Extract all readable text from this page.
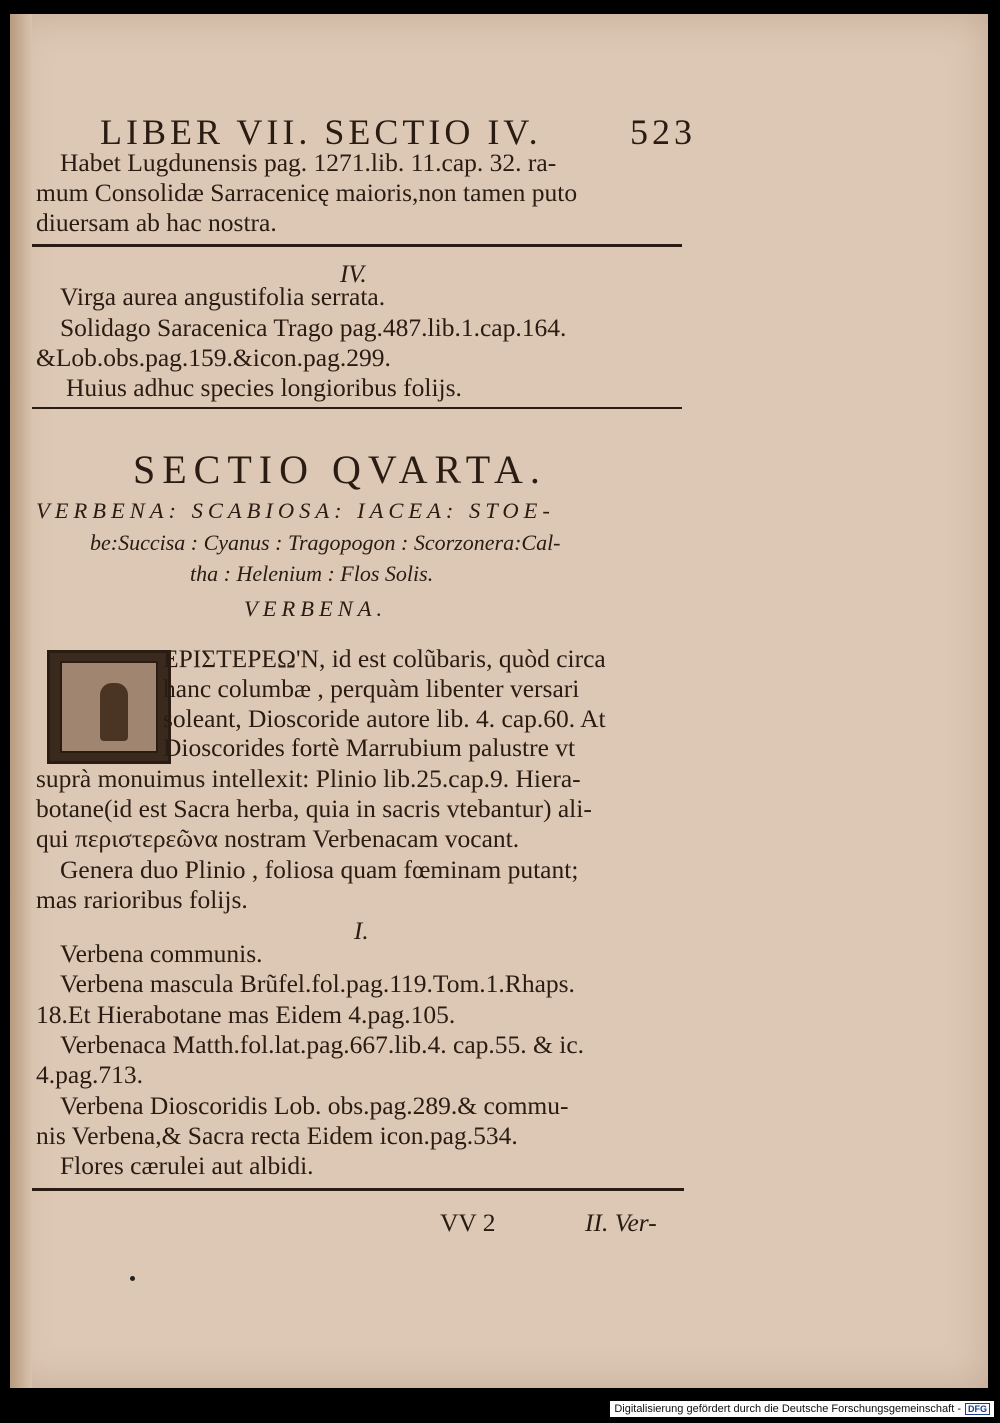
LIBER VII. SECTIO IV. 523
Habet Lugdunensis pag. 1271.lib. 11.cap. 32. ra-
mum Consolidæ Sarracenicę maioris,non tamen puto
diuersam ab hac nostra.
IV.
Virga aurea angustifolia serrata.
Solidago Saracenica Trago pag.487.lib.1.cap.164.
&Lob.obs.pag.159.&icon.pag.299.
Huius adhuc species longioribus folijs.
SECTIO QVARTA.
VERBENA: SCABIOSA: IACEA: STOE-
be:Succisa : Cyanus : Tragopogon : Scorzonera:Cal-
tha : Helenium : Flos Solis.
VERBENA.
ΕΡΙΣΤΕΡΕΩ'Ν, id est colũbaris, quòd circa
hanc columbæ , perquàm libenter versari
soleant, Dioscoride autore lib. 4. cap.60. At
Dioscorides fortè Marrubium palustre vt
suprà monuimus intellexit: Plinio lib.25.cap.9. Hiera-
botane(id est Sacra herba, quia in sacris vtebantur) ali-
qui περιστερεῶνα nostram Verbenacam vocant.
Genera duo Plinio , foliosa quam fœminam putant;
mas rarioribus folijs.
I.
Verbena communis.
Verbena mascula Brũfel.fol.pag.119.Tom.1.Rhaps.
18.Et Hierabotane mas Eidem 4.pag.105.
Verbenaca Matth.fol.lat.pag.667.lib.4. cap.55. & ic.
4.pag.713.
Verbena Dioscoridis Lob. obs.pag.289.& commu-
nis Verbena,& Sacra recta Eidem icon.pag.534.
Flores cærulei aut albidi.
VV 2	II. Ver-
Digitalisierung gefördert durch die Deutsche Forschungsgemeinschaft - DFG
